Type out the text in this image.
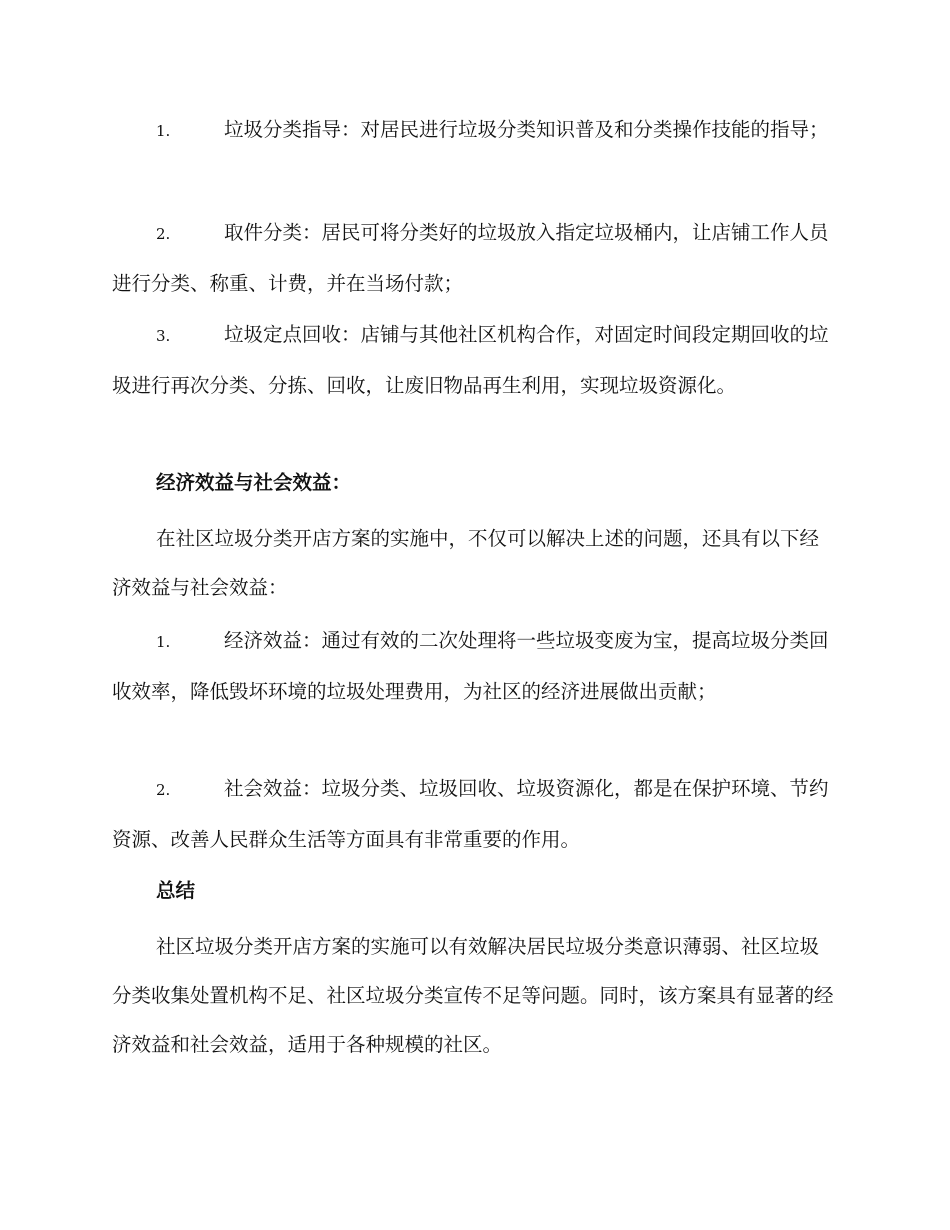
1.	垃圾分类指导：对居民进行垃圾分类知识普及和分类操作技能的指导；

2.	取件分类：居民可将分类好的垃圾放入指定垃圾桶内，让店铺工作人员进行分类、称重、计费，并在当场付款；

3.	垃圾定点回收：店铺与其他社区机构合作，对固定时间段定期回收的垃圾进行再次分类、分拣、回收，让废旧物品再生利用，实现垃圾资源化。

经济效益与社会效益：

在社区垃圾分类开店方案的实施中，不仅可以解决上述的问题，还具有以下经济效益与社会效益：

1.	经济效益：通过有效的二次处理将一些垃圾变废为宝，提高垃圾分类回收效率，降低毁坏环境的垃圾处理费用，为社区的经济进展做出贡献；

2.	社会效益：垃圾分类、垃圾回收、垃圾资源化，都是在保护环境、节约资源、改善人民群众生活等方面具有非常重要的作用。

总结

社区垃圾分类开店方案的实施可以有效解决居民垃圾分类意识薄弱、社区垃圾分类收集处置机构不足、社区垃圾分类宣传不足等问题。同时，该方案具有显著的经济效益和社会效益，适用于各种规模的社区。
